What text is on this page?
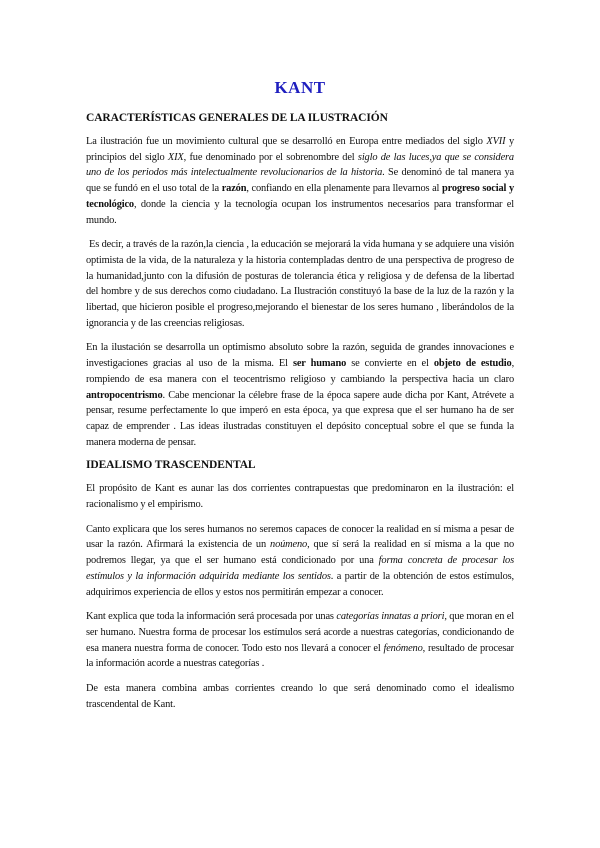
KANT
CARACTERÍSTICAS GENERALES DE LA ILUSTRACIÓN

La ilustración fue un movimiento cultural que se desarrolló en Europa entre mediados del siglo XVII y principios del siglo XIX, fue denominado por el sobrenombre del siglo de las luces,ya que se considera uno de los periodos más intelectualmente revolucionarios de la historia. Se denominó de tal manera ya que se fundó en el uso total de la razón, confiando en ella plenamente para llevarnos al progreso social y tecnológico, donde la ciencia y la tecnología ocupan los instrumentos necesarios para transformar el mundo.

Es decir, a través de la razón,la ciencia , la educación se mejorará la vida humana y se adquiere una visión optimista de la vida, de la naturaleza y la historia contempladas dentro de una perspectiva de progreso de la humanidad,junto con la difusión de posturas de tolerancia ética y religiosa y de defensa de la libertad del hombre y de sus derechos como ciudadano. La Ilustración constituyó la base de la luz de la razón y la libertad, que hicieron posible el progreso,mejorando el bienestar de los seres humano , liberándolos de la ignorancia y de las creencias religiosas.

En la ilustación se desarrolla un optimismo absoluto sobre la razón, seguida de grandes innovaciones e investigaciones gracias al uso de la misma. El ser humano se convierte en el objeto de estudio, rompiendo de esa manera con el teocentrismo religioso y cambiando la perspectiva hacia un claro antropocentrismo. Cabe mencionar la célebre frase de la época sapere aude dicha por Kant, Atrévete a pensar, resume perfectamente lo que imperó en esta época, ya que expresa que el ser humano ha de ser capaz de emprender . Las ideas ilustradas constituyen el depósito conceptual sobre el que se funda la manera moderna de pensar.

IDEALISMO TRASCENDENTAL

El propósito de Kant es aunar las dos corrientes contrapuestas que predominaron en la ilustración: el racionalismo y el empirismo.

Canto explicara que los seres humanos no seremos capaces de conocer la realidad en sí misma a pesar de usar la razón. Afirmará la existencia de un noúmeno, que sí será la realidad en sí misma a la que no podremos llegar, ya que el ser humano está condicionado por una forma concreta de procesar los estímulos y la información adquirida mediante los sentidos. a partir de la obtención de estos estímulos, adquirimos experiencia de ellos y estos nos permitirán empezar a conocer.

Kant explica que toda la información será procesada por unas categorías innatas a priori, que moran en el ser humano. Nuestra forma de procesar los estímulos será acorde a nuestras categorías, condicionando de esa manera nuestra forma de conocer. Todo esto nos llevará a conocer el fenómeno, resultado de procesar la información acorde a nuestras categorías .

De esta manera combina ambas corrientes creando lo que será denominado como el idealismo trascendental de Kant.
